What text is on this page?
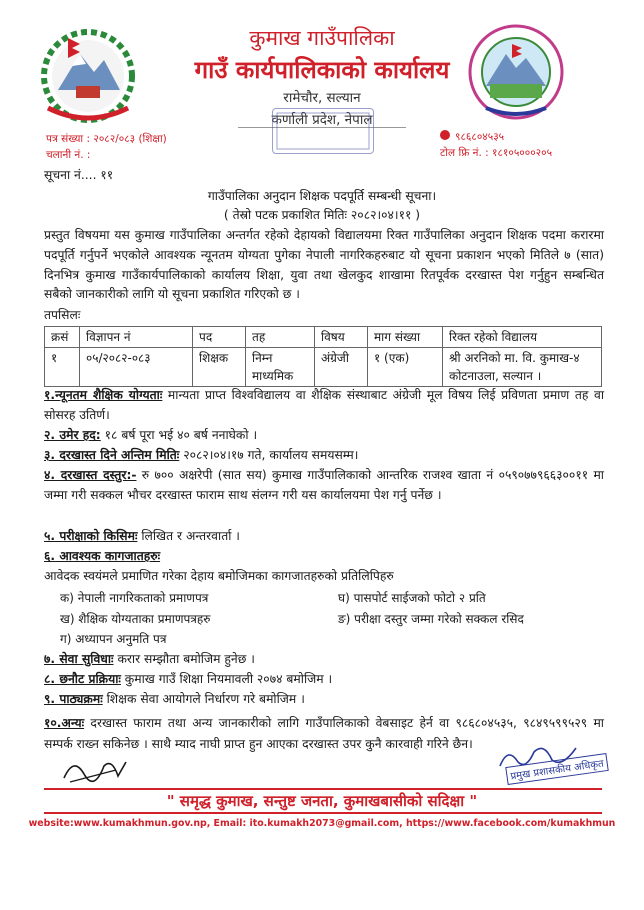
कुमाख गाउँपालिका
गाउँ कार्यपालिकाको कार्यालय
रामेचौर, सल्यान
कर्णाली प्रदेश, नेपाल
पत्र संख्या : २०८२/०८३ (शिक्षा)
चलानी नं. :
९८६८०४५३५
टोल फ्रि नं. : १८१०५०००२०५
सूचना नं.... ११
गाउँपालिका अनुदान शिक्षक पदपूर्ति सम्बन्धी सूचना।
( तेस्रो पटक प्रकाशित मितिः २०८२।०४।११ )
प्रस्तुत विषयमा यस कुमाख गाउँपालिका अन्तर्गत रहेको देहायको विद्यालयमा रिक्त गाउँपालिका अनुदान शिक्षक पदमा करारमा पदपूर्ति गर्नुपर्ने भएकोले आवश्यक न्यूनतम योग्यता पुगेका नेपाली नागरिकहरुबाट यो सूचना प्रकाशन भएको मितिले ७ (सात) दिनभित्र कुमाख गाउँकार्यपालिकाको कार्यालय शिक्षा, युवा तथा खेलकुद शाखामा रितपूर्वक दरखास्त पेश गर्नुहुन सम्बन्धित सबैको जानकारीको लागि यो सूचना प्रकाशित गरिएको छ ।
तपसिलः
क्रसं	विज्ञापन नं	पद	तह	विषय	माग संख्या	रिक्त रहेको विद्यालय
१	०५/२०८२-०८३	शिक्षक	निम्न माध्यमिक	अंग्रेजी	१ (एक)	श्री अरनिको मा. वि. कुमाख-४ कोटनाउला, सल्यान ।
१.न्यूनतम शैक्षिक योग्यताः मान्यता प्राप्त विश्वविद्यालय वा शैक्षिक संस्थाबाट अंग्रेजी मूल विषय लिई प्रविणता प्रमाण तह वा सोसरह उतिर्ण।
२. उमेर हद: १८ बर्ष पूरा भई ४० बर्ष ननाघेको ।
३. दरखास्त दिने अन्तिम मितिः २०८२।०४।१७ गते, कार्यालय समयसम्म।
४. दरखास्त दस्तुर:- रु ७०० अक्षरेपी (सात सय) कुमाख गाउँपालिकाको आन्तरिक राजश्व खाता नं ०५९०७७९६६३००११ मा जम्मा गरी सक्कल भौचर दरखास्त फाराम साथ संलग्न गरी यस कार्यालयमा पेश गर्नु पर्नेछ ।
५. परीक्षाको किसिमः लिखित र अन्तरवार्ता ।
६. आवश्यक कागजातहरुः
आवेदक स्वयंमले प्रमाणित गरेका देहाय बमोजिमका कागजातहरुको प्रतिलिपिहरु
क) नेपाली नागरिकताको प्रमाणपत्र
ख) शैक्षिक योग्यताका प्रमाणपत्रहरु
ग) अध्यापन अनुमति पत्र
घ) पासपोर्ट साईजको फोटो २ प्रति
ङ) परीक्षा दस्तुर जम्मा गरेको सक्कल रसिद
७. सेवा सुविधाः करार सम्झौता बमोजिम हुनेछ ।
८. छनौट प्रक्रियाः कुमाख गाउँ शिक्षा नियमावली २०७४ बमोजिम ।
९. पाठ्यक्रमः शिक्षक सेवा आयोगले निर्धारण गरे बमोजिम ।
१०.अन्यः दरखास्त फाराम तथा अन्य जानकारीको लागि गाउँपालिकाको वेबसाइट हेर्न वा ९८६८०४५३५, ९८४९५९९५२९ मा सम्पर्क राख्न सकिनेछ । साथै म्याद नाघी प्राप्त हुन आएका दरखास्त उपर कुनै कारवाही गरिने छैन।
प्रमुख प्रशासकीय अधिकृत
" समृद्ध कुमाख, सन्तुष्ट जनता, कुमाखबासीको सदिक्षा "
website:www.kumakhmun.gov.np, Email: ito.kumakh2073@gmail.com, https://www.facebook.com/kumakhmun
